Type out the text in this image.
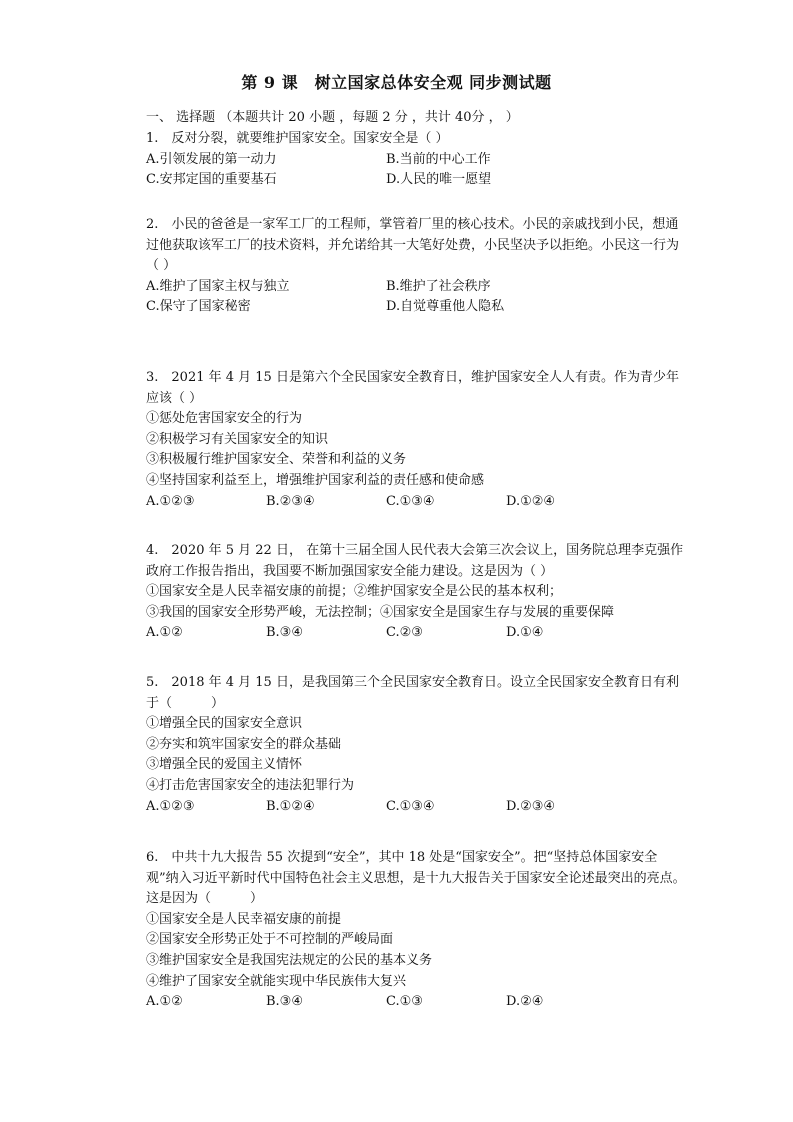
第 9 课　树立国家总体安全观 同步测试题
一、 选择题 （本题共计 20 小题 ，每题 2 分 ，共计 40分 ， ）

1.　反对分裂，就要维护国家安全。国家安全是（ ）

A.引领发展的第一动力	B.当前的中心工作
C.安邦定国的重要基石	D.人民的唯一愿望

2.　小民的爸爸是一家军工厂的工程师，掌管着厂里的核心技术。小民的亲戚找到小民，想通过他获取该军工厂的技术资料，并允诺给其一大笔好处费，小民坚决予以拒绝。小民这一行为（ ）

A.维护了国家主权与独立	B.维护了社会秩序
C.保守了国家秘密	D.自觉尊重他人隐私

3.　2021 年 4 月 15 日是第六个全民国家安全教育日，维护国家安全人人有责。作为青少年应该（ ）

①惩处危害国家安全的行为

②积极学习有关国家安全的知识

③积极履行维护国家安全、荣誉和利益的义务

④坚持国家利益至上，增强维护国家利益的责任感和使命感

A.①②③	B.②③④	C.①③④	D.①②④

4.　2020 年 5 月 22 日， 在第十三届全国人民代表大会第三次会议上，国务院总理李克强作政府工作报告指出，我国要不断加强国家安全能力建设。这是因为（ ）

①国家安全是人民幸福安康的前提；②维护国家安全是公民的基本权利；

③我国的国家安全形势严峻，无法控制；④国家安全是国家生存与发展的重要保障

A.①②	B.③④	C.②③	D.①④

5.　2018 年 4 月 15 日，是我国第三个全民国家安全教育日。设立全民国家安全教育日有利于（　　　）

①增强全民的国家安全意识

②夯实和筑牢国家安全的群众基础

③增强全民的爱国主义情怀

④打击危害国家安全的违法犯罪行为

A.①②③	B.①②④	C.①③④	D.②③④

6.　中共十九大报告 55 次提到“安全”，其中 18 处是“国家安全”。把“坚持总体国家安全观”纳入习近平新时代中国特色社会主义思想，是十九大报告关于国家安全论述最突出的亮点。这是因为（　　　）

①国家安全是人民幸福安康的前提

②国家安全形势正处于不可控制的严峻局面

③维护国家安全是我国宪法规定的公民的基本义务

④维护了国家安全就能实现中华民族伟大复兴

A.①②	B.③④	C.①③	D.②④
